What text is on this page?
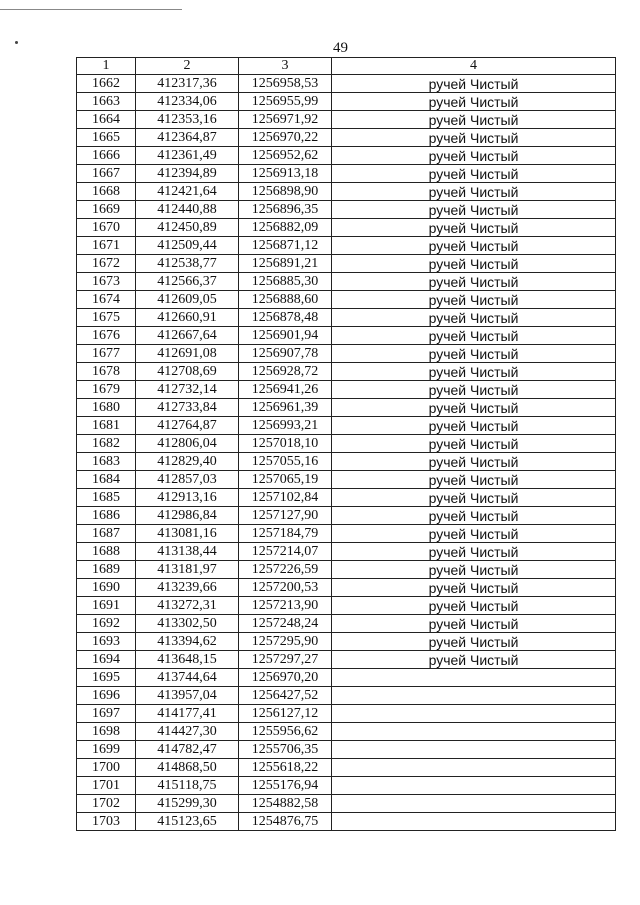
49
1	2	3	4
1662	412317,36	1256958,53	ручей Чистый
1663	412334,06	1256955,99	ручей Чистый
1664	412353,16	1256971,92	ручей Чистый
1665	412364,87	1256970,22	ручей Чистый
1666	412361,49	1256952,62	ручей Чистый
1667	412394,89	1256913,18	ручей Чистый
1668	412421,64	1256898,90	ручей Чистый
1669	412440,88	1256896,35	ручей Чистый
1670	412450,89	1256882,09	ручей Чистый
1671	412509,44	1256871,12	ручей Чистый
1672	412538,77	1256891,21	ручей Чистый
1673	412566,37	1256885,30	ручей Чистый
1674	412609,05	1256888,60	ручей Чистый
1675	412660,91	1256878,48	ручей Чистый
1676	412667,64	1256901,94	ручей Чистый
1677	412691,08	1256907,78	ручей Чистый
1678	412708,69	1256928,72	ручей Чистый
1679	412732,14	1256941,26	ручей Чистый
1680	412733,84	1256961,39	ручей Чистый
1681	412764,87	1256993,21	ручей Чистый
1682	412806,04	1257018,10	ручей Чистый
1683	412829,40	1257055,16	ручей Чистый
1684	412857,03	1257065,19	ручей Чистый
1685	412913,16	1257102,84	ручей Чистый
1686	412986,84	1257127,90	ручей Чистый
1687	413081,16	1257184,79	ручей Чистый
1688	413138,44	1257214,07	ручей Чистый
1689	413181,97	1257226,59	ручей Чистый
1690	413239,66	1257200,53	ручей Чистый
1691	413272,31	1257213,90	ручей Чистый
1692	413302,50	1257248,24	ручей Чистый
1693	413394,62	1257295,90	ручей Чистый
1694	413648,15	1257297,27	ручей Чистый
1695	413744,64	1256970,20	
1696	413957,04	1256427,52	
1697	414177,41	1256127,12	
1698	414427,30	1255956,62	
1699	414782,47	1255706,35	
1700	414868,50	1255618,22	
1701	415118,75	1255176,94	
1702	415299,30	1254882,58	
1703	415123,65	1254876,75	
